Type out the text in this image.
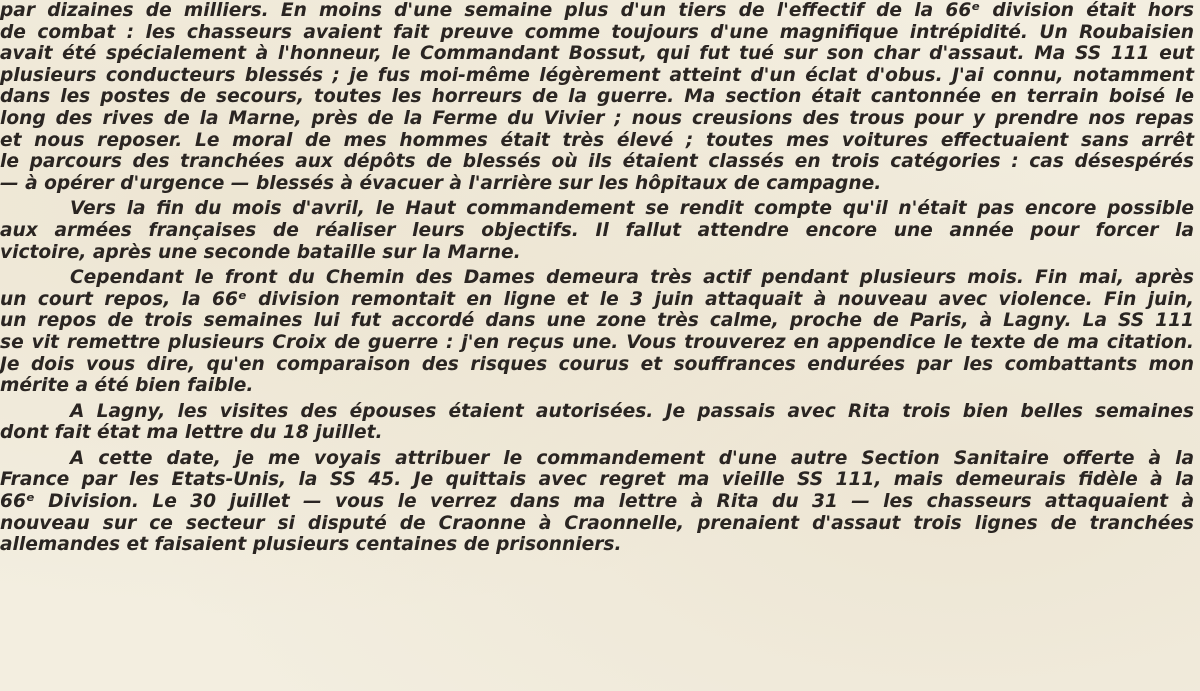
par dizaines de milliers. En moins d'une semaine plus d'un tiers de l'effectif de la 66ᵉ division était hors
de combat : les chasseurs avaient fait preuve comme toujours d'une magnifique intrépidité. Un Roubaisien
avait été spécialement à l'honneur, le Commandant Bossut, qui fut tué sur son char d'assaut. Ma SS 111 eut
plusieurs conducteurs blessés ; je fus moi-même légèrement atteint d'un éclat d'obus. J'ai connu, notamment
dans les postes de secours, toutes les horreurs de la guerre. Ma section était cantonnée en terrain boisé le
long des rives de la Marne, près de la Ferme du Vivier ; nous creusions des trous pour y prendre nos repas
et nous reposer. Le moral de mes hommes était très élevé ; toutes mes voitures effectuaient sans arrêt
le parcours des tranchées aux dépôts de blessés où ils étaient classés en trois catégories : cas désespérés
— à opérer d'urgence — blessés à évacuer à l'arrière sur les hôpitaux de campagne.
Vers la fin du mois d'avril, le Haut commandement se rendit compte qu'il n'était pas encore possible
aux armées françaises de réaliser leurs objectifs. Il fallut attendre encore une année pour forcer la
victoire, après une seconde bataille sur la Marne.
Cependant le front du Chemin des Dames demeura très actif pendant plusieurs mois. Fin mai, après
un court repos, la 66ᵉ division remontait en ligne et le 3 juin attaquait à nouveau avec violence. Fin juin,
un repos de trois semaines lui fut accordé dans une zone très calme, proche de Paris, à Lagny. La SS 111
se vit remettre plusieurs Croix de guerre : j'en reçus une. Vous trouverez en appendice le texte de ma citation.
Je dois vous dire, qu'en comparaison des risques courus et souffrances endurées par les combattants mon
mérite a été bien faible.
A Lagny, les visites des épouses étaient autorisées. Je passais avec Rita trois bien belles semaines
dont fait état ma lettre du 18 juillet.
A cette date, je me voyais attribuer le commandement d'une autre Section Sanitaire offerte à la
France par les Etats-Unis, la SS 45. Je quittais avec regret ma vieille SS 111, mais demeurais fidèle à la
66ᵉ Division. Le 30 juillet — vous le verrez dans ma lettre à Rita du 31 — les chasseurs attaquaient à
nouveau sur ce secteur si disputé de Craonne à Craonnelle, prenaient d'assaut trois lignes de tranchées
allemandes et faisaient plusieurs centaines de prisonniers.
